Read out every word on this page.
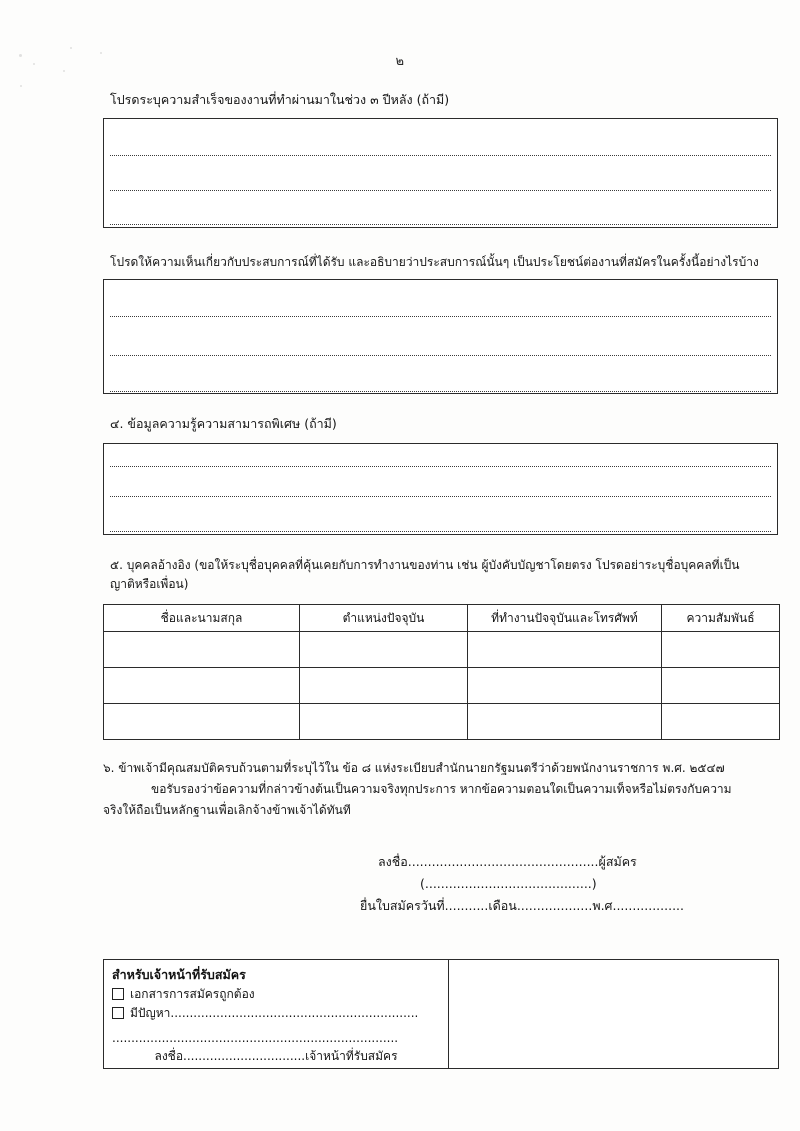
๒
โปรดระบุความสำเร็จของงานที่ทำผ่านมาในช่วง ๓ ปีหลัง (ถ้ามี)
โปรดให้ความเห็นเกี่ยวกับประสบการณ์ที่ได้รับ และอธิบายว่าประสบการณ์นั้นๆ เป็นประโยชน์ต่องานที่สมัครในครั้งนี้อย่างไรบ้าง
๔. ข้อมูลความรู้ความสามารถพิเศษ (ถ้ามี)
๕. บุคคลอ้างอิง (ขอให้ระบุชื่อบุคคลที่คุ้นเคยกับการทำงานของท่าน เช่น ผู้บังคับบัญชาโดยตรง โปรดอย่าระบุชื่อบุคคลที่เป็น
ญาติหรือเพื่อน)
ชื่อและนามสกุล	ตำแหน่งปัจจุบัน	ที่ทำงานปัจจุบันและโทรศัพท์	ความสัมพันธ์

๖. ข้าพเจ้ามีคุณสมบัติครบถ้วนตามที่ระบุไว้ใน ข้อ ๘ แห่งระเบียบสำนักนายกรัฐมนตรีว่าด้วยพนักงานราชการ พ.ศ. ๒๕๔๗
ขอรับรองว่าข้อความที่กล่าวข้างต้นเป็นความจริงทุกประการ หากข้อความตอนใดเป็นความเท็จหรือไม่ตรงกับความ
จริงให้ถือเป็นหลักฐานเพื่อเลิกจ้างข้าพเจ้าได้ทันที
ลงชื่อ................................................ผู้สมัคร
(..........................................)
ยื่นใบสมัครวันที่...........เดือน...................พ.ศ..................
สำหรับเจ้าหน้าที่รับสมัคร
เอกสารการสมัครถูกต้อง
มีปัญหา .................................................................
...........................................................................
ลงชื่อ................................เจ้าหน้าที่รับสมัคร
